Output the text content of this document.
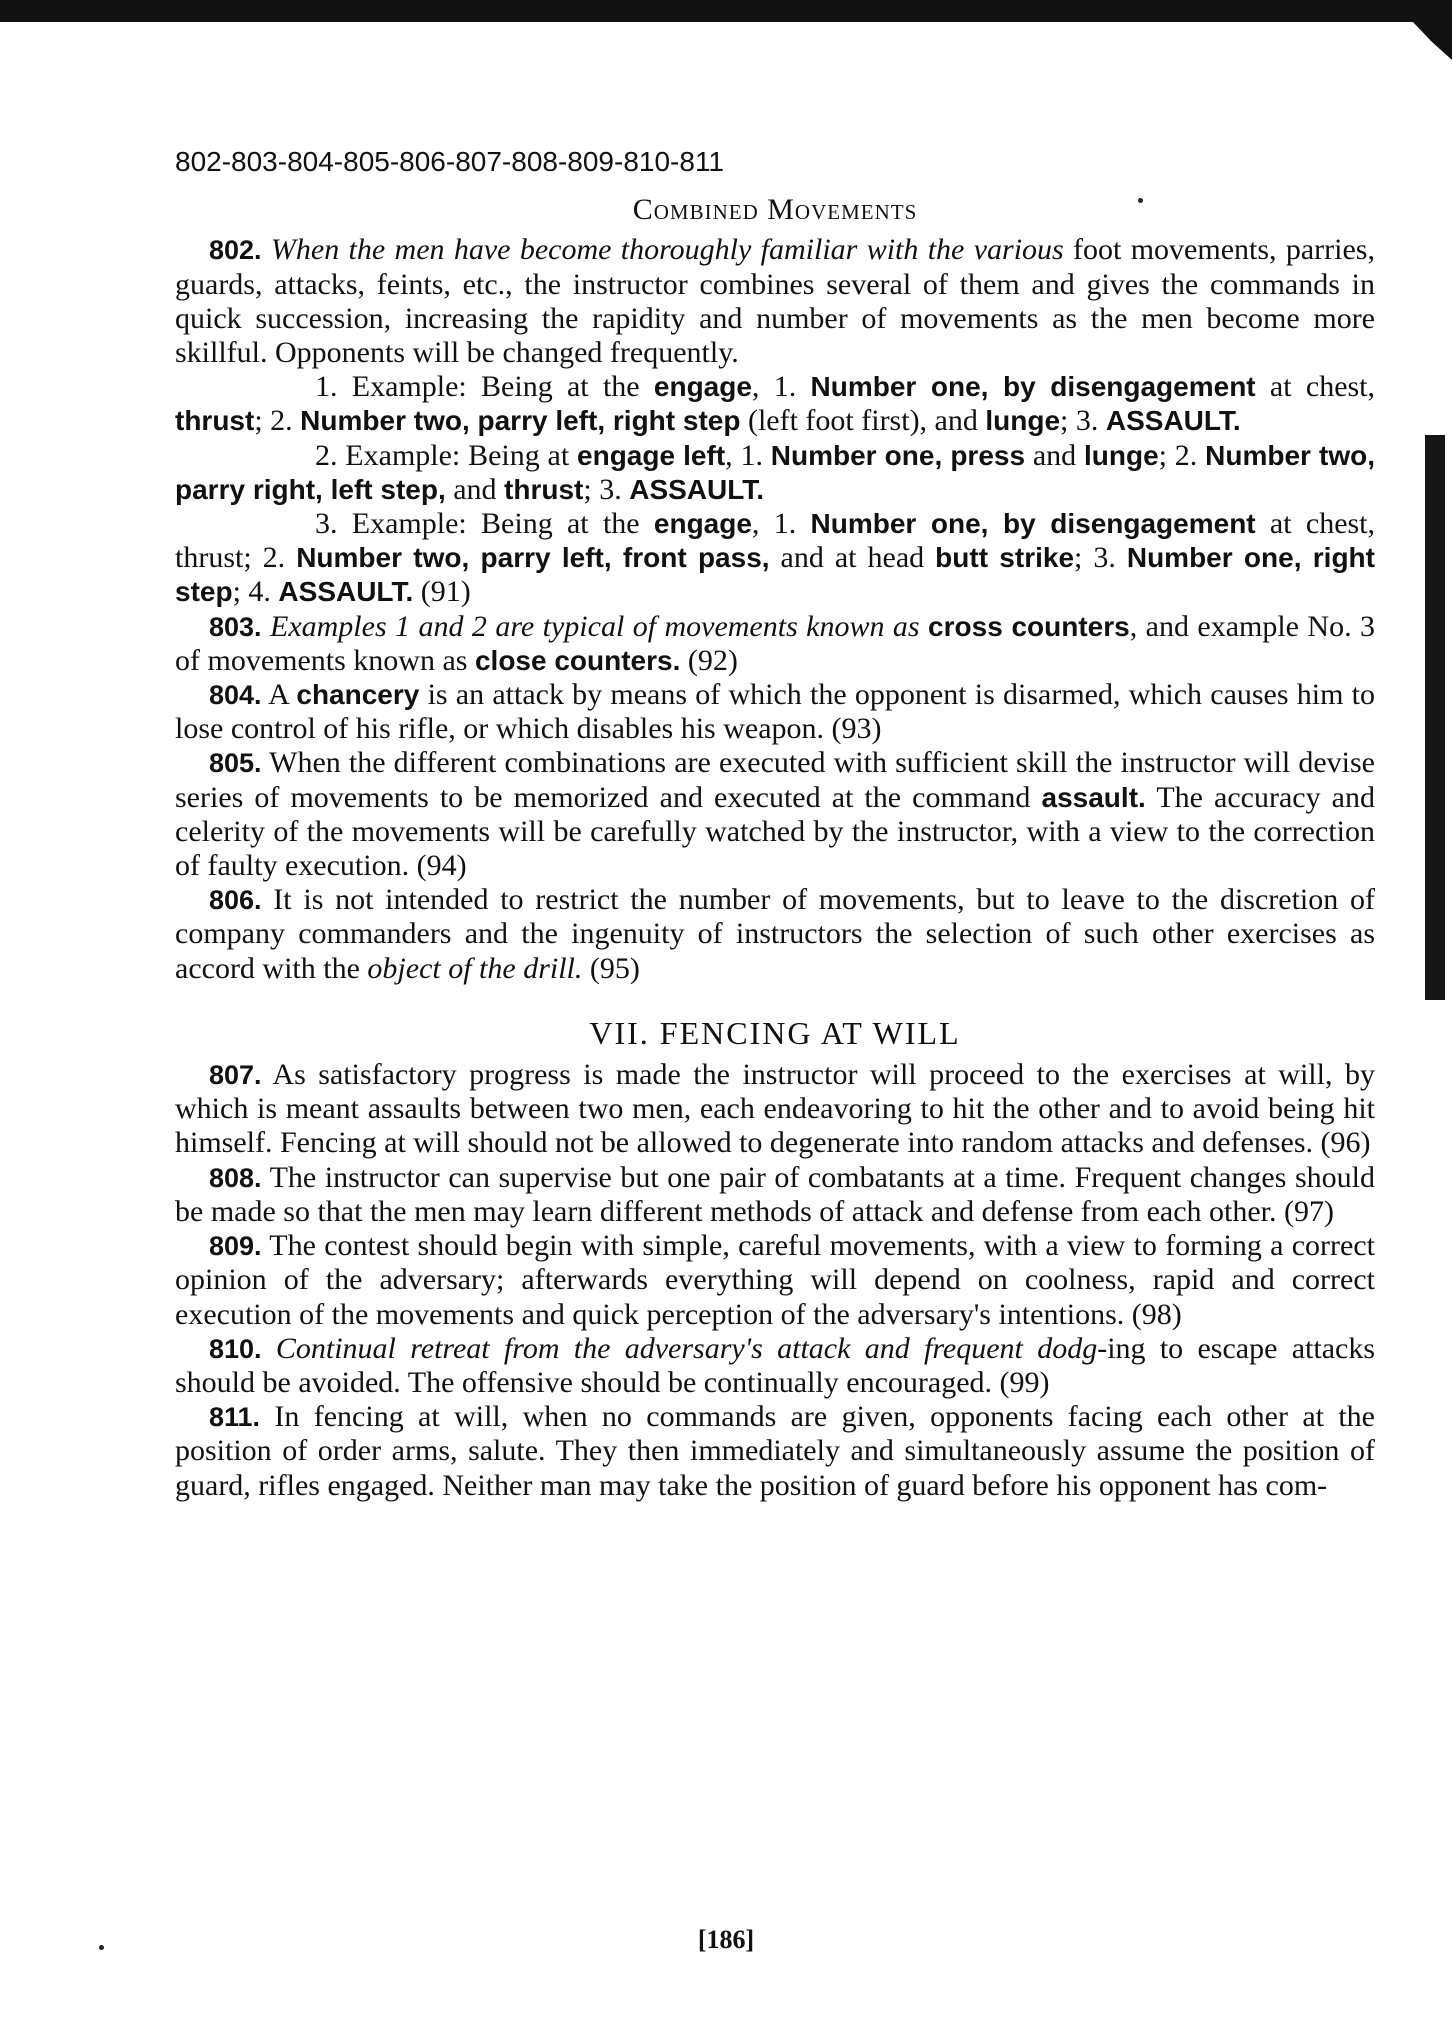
802-803-804-805-806-807-808-809-810-811
Combined Movements

802. When the men have become thoroughly familiar with the various foot movements, parries, guards, attacks, feints, etc., the instructor combines several of them and gives the commands in quick succession, increasing the rapidity and number of movements as the men become more skillful. Opponents will be changed frequently.

1. Example: Being at the engage, 1. Number one, by disengagement at chest, thrust; 2. Number two, parry left, right step (left foot first), and lunge; 3. ASSAULT.

2. Example: Being at engage left, 1. Number one, press and lunge; 2. Number two, parry right, left step, and thrust; 3. ASSAULT.

3. Example: Being at the engage, 1. Number one, by disengagement at chest, thrust; 2. Number two, parry left, front pass, and at head butt strike; 3. Number one, right step; 4. ASSAULT. (91)

803. Examples 1 and 2 are typical of movements known as cross counters, and example No. 3 of movements known as close counters. (92)

804. A chancery is an attack by means of which the opponent is disarmed, which causes him to lose control of his rifle, or which disables his weapon. (93)

805. When the different combinations are executed with sufficient skill the instructor will devise series of movements to be memorized and executed at the command assault. The accuracy and celerity of the movements will be carefully watched by the instructor, with a view to the correction of faulty execution. (94)

806. It is not intended to restrict the number of movements, but to leave to the discretion of company commanders and the ingenuity of instructors the selection of such other exercises as accord with the object of the drill. (95)

VII. FENCING AT WILL

807. As satisfactory progress is made the instructor will proceed to the exercises at will, by which is meant assaults between two men, each endeavoring to hit the other and to avoid being hit himself. Fencing at will should not be allowed to degenerate into random attacks and defenses. (96)

808. The instructor can supervise but one pair of combatants at a time. Frequent changes should be made so that the men may learn different methods of attack and defense from each other. (97)

809. The contest should begin with simple, careful movements, with a view to forming a correct opinion of the adversary; afterwards everything will depend on coolness, rapid and correct execution of the movements and quick perception of the adversary's intentions. (98)

810. Continual retreat from the adversary's attack and frequent dodg-ing to escape attacks should be avoided. The offensive should be continually encouraged. (99)

811. In fencing at will, when no commands are given, opponents facing each other at the position of order arms, salute. They then immediately and simultaneously assume the position of guard, rifles engaged. Neither man may take the position of guard before his opponent has com-

[186]
